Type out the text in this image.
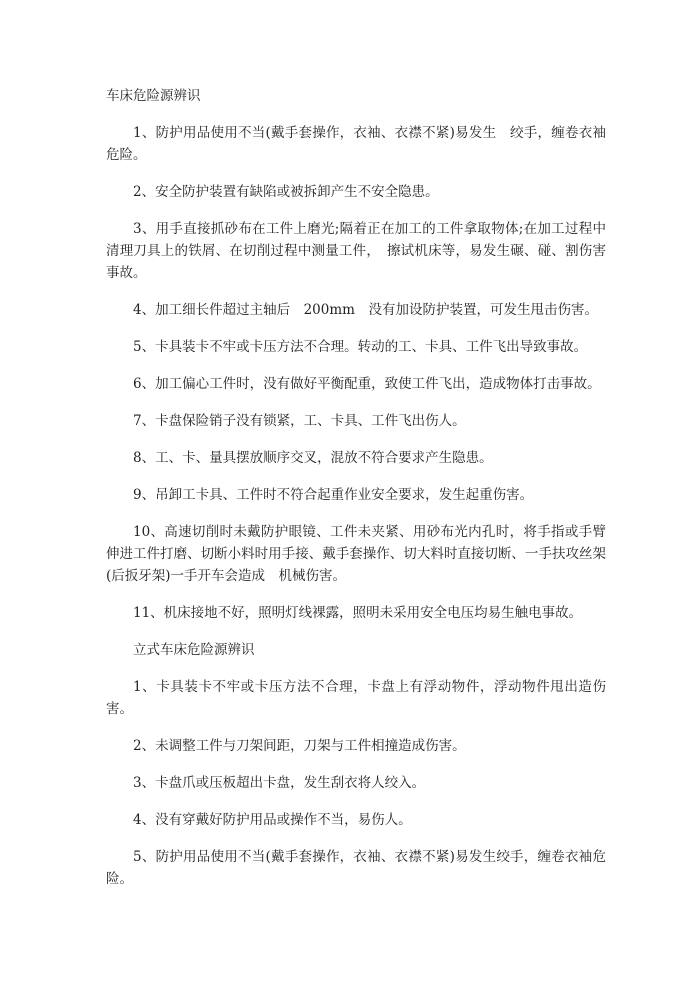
车床危险源辨识

1、防护用品使用不当(戴手套操作，衣袖、衣襟不紧)易发生　绞手，缠卷衣袖危险。

2、安全防护装置有缺陷或被拆卸产生不安全隐患。

3、用手直接抓砂布在工件上磨光;隔着正在加工的工件拿取物体;在加工过程中清理刀具上的铁屑、在切削过程中测量工件，　擦试机床等，易发生碾、碰、割伤害事故。

4、加工细长件超过主轴后　200mm　没有加设防护装置，可发生甩击伤害。

5、卡具装卡不牢或卡压方法不合理。转动的工、卡具、工件飞出导致事故。

6、加工偏心工件时，没有做好平衡配重，致使工件飞出，造成物体打击事故。

7、卡盘保险销子没有锁紧，工、卡具、工件飞出伤人。

8、工、卡、量具摆放顺序交叉，混放不符合要求产生隐患。

9、吊卸工卡具、工件时不符合起重作业安全要求，发生起重伤害。

10、高速切削时未戴防护眼镜、工件未夹紧、用砂布光内孔时，将手指或手臂伸进工件打磨、切断小料时用手接、戴手套操作、切大料时直接切断、一手扶攻丝架(后扳牙架)一手开车会造成　机械伤害。

11、机床接地不好，照明灯线裸露，照明未采用安全电压均易生触电事故。

立式车床危险源辨识

1、卡具装卡不牢或卡压方法不合理，卡盘上有浮动物件，浮动物件甩出造伤害。

2、未调整工件与刀架间距，刀架与工件相撞造成伤害。

3、卡盘爪或压板超出卡盘，发生刮衣将人绞入。

4、没有穿戴好防护用品或操作不当，易伤人。

5、防护用品使用不当(戴手套操作，衣袖、衣襟不紧)易发生绞手，缠卷衣袖危险。
